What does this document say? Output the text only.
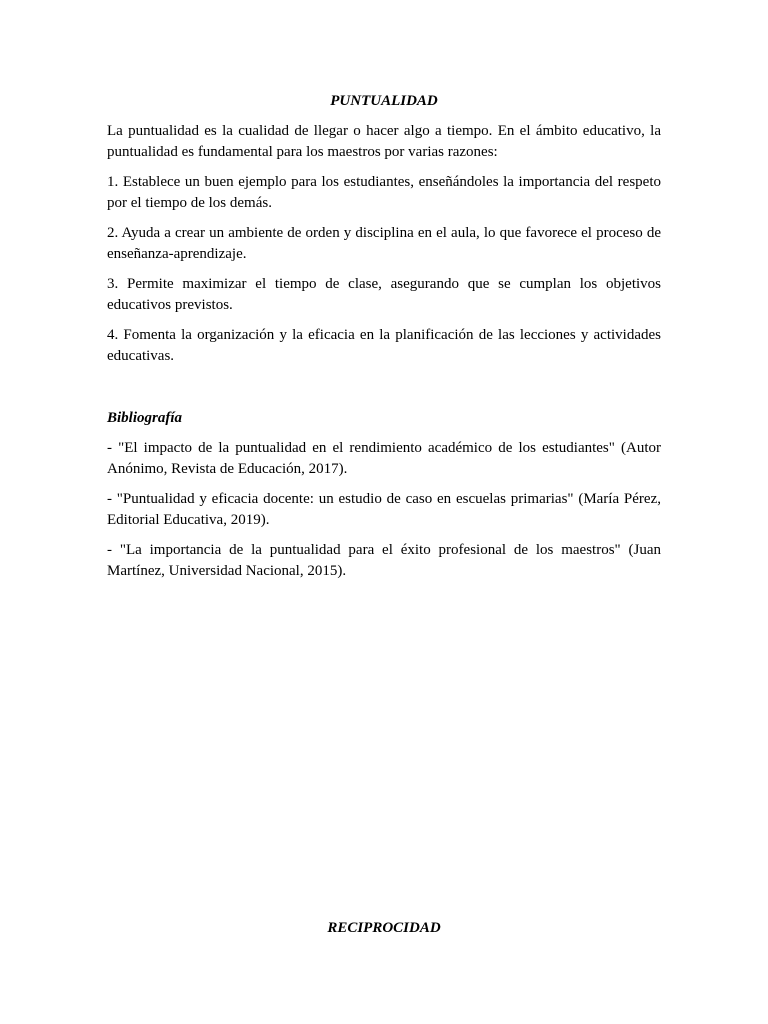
PUNTUALIDAD

La puntualidad es la cualidad de llegar o hacer algo a tiempo. En el ámbito educativo, la puntualidad es fundamental para los maestros por varias razones:

1. Establece un buen ejemplo para los estudiantes, enseñándoles la importancia del respeto por el tiempo de los demás.

2. Ayuda a crear un ambiente de orden y disciplina en el aula, lo que favorece el proceso de enseñanza-aprendizaje.

3. Permite maximizar el tiempo de clase, asegurando que se cumplan los objetivos educativos previstos.

4. Fomenta la organización y la eficacia en la planificación de las lecciones y actividades educativas.

Bibliografía

- "El impacto de la puntualidad en el rendimiento académico de los estudiantes" (Autor Anónimo, Revista de Educación, 2017).

- "Puntualidad y eficacia docente: un estudio de caso en escuelas primarias" (María Pérez, Editorial Educativa, 2019).

- "La importancia de la puntualidad para el éxito profesional de los maestros" (Juan Martínez, Universidad Nacional, 2015).

RECIPROCIDAD
